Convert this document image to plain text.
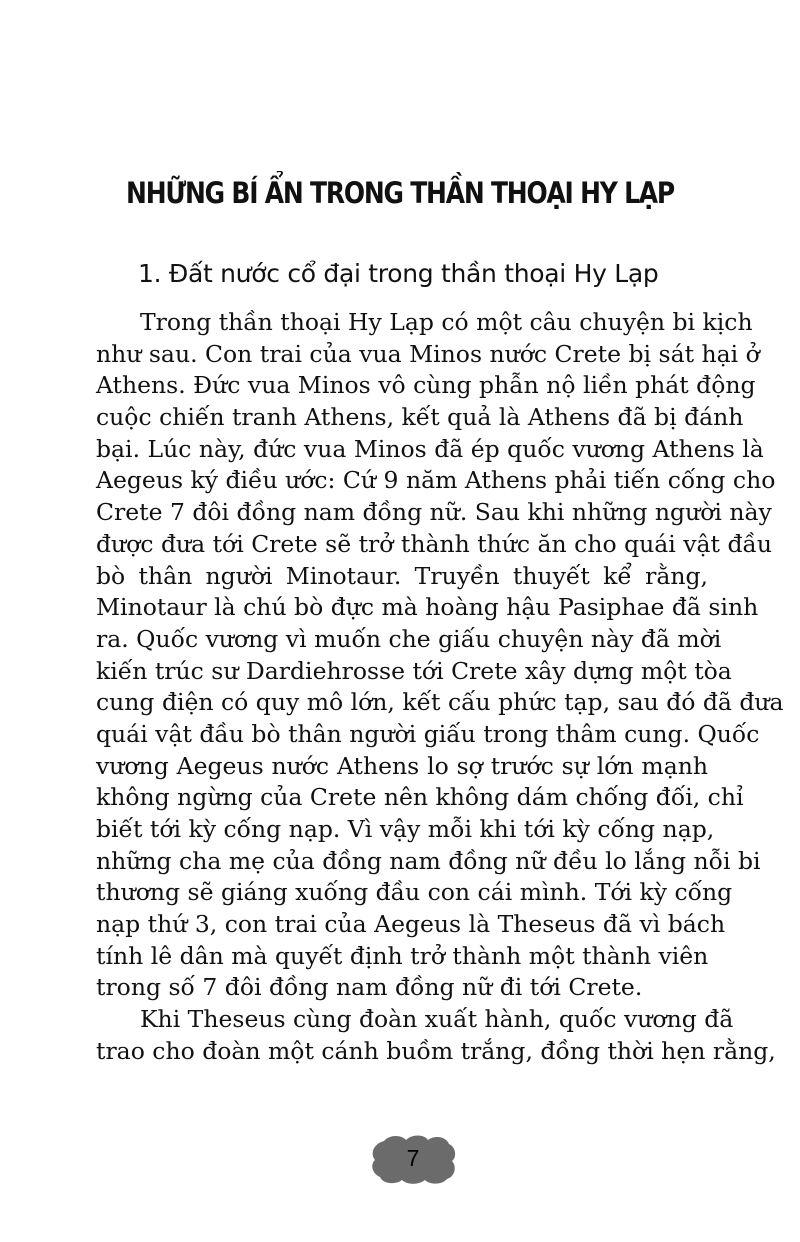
NHỮNG BÍ ẨN TRONG THẦN THOẠI HY LẠP
1. Đất nước cổ đại trong thần thoại Hy Lạp
Trong thần thoại Hy Lạp có một câu chuyện bi kịch
như sau. Con trai của vua Minos nước Crete bị sát hại ở
Athens. Đức vua Minos vô cùng phẫn nộ liền phát động
cuộc chiến tranh Athens, kết quả là Athens đã bị đánh
bại. Lúc này, đức vua Minos đã ép quốc vương Athens là
Aegeus ký điều ước: Cứ 9 năm Athens phải tiến cống cho
Crete 7 đôi đồng nam đồng nữ. Sau khi những người này
được đưa tới Crete sẽ trở thành thức ăn cho quái vật đầu
bò thân người Minotaur. Truyền thuyết kể rằng,
Minotaur là chú bò đực mà hoàng hậu Pasiphae đã sinh
ra. Quốc vương vì muốn che giấu chuyện này đã mời
kiến trúc sư Dardiehrosse tới Crete xây dựng một tòa
cung điện có quy mô lớn, kết cấu phức tạp, sau đó đã đưa
quái vật đầu bò thân người giấu trong thâm cung. Quốc
vương Aegeus nước Athens lo sợ trước sự lớn mạnh
không ngừng của Crete nên không dám chống đối, chỉ
biết tới kỳ cống nạp. Vì vậy mỗi khi tới kỳ cống nạp,
những cha mẹ của đồng nam đồng nữ đều lo lắng nỗi bi
thương sẽ giáng xuống đầu con cái mình. Tới kỳ cống
nạp thứ 3, con trai của Aegeus là Theseus đã vì bách
tính lê dân mà quyết định trở thành một thành viên
trong số 7 đôi đồng nam đồng nữ đi tới Crete.
Khi Theseus cùng đoàn xuất hành, quốc vương đã
trao cho đoàn một cánh buồm trắng, đồng thời hẹn rằng,
7
